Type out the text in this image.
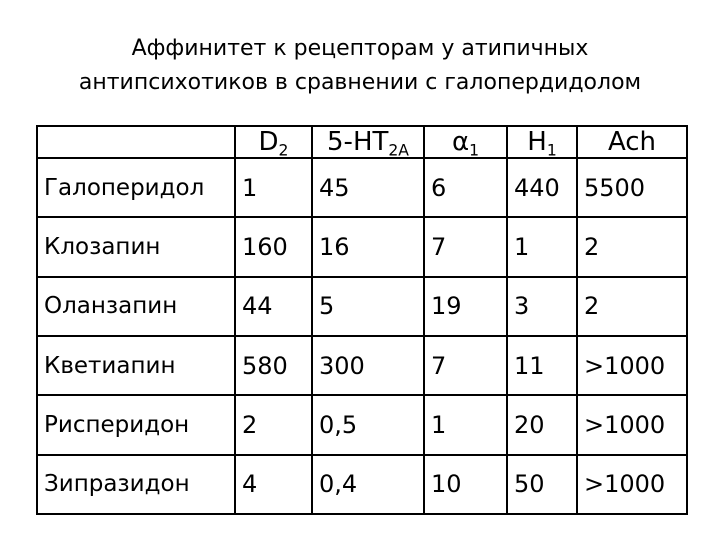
Аффинитет к рецепторам у атипичных
антипсихотиков в сравнении с галопердидолом
	$D_2$	$5-HT_{2A}$	$\alpha_1$	$H_1$	Ach
Галоперидол	1	45	6	440	5500
Клозапин	160	16	7	1	2
Оланзапин	44	5	19	3	2
Кветиапин	580	300	7	11	>1000
Рисперидон	2	0,5	1	20	>1000
Зипразидон	4	0,4	10	50	>1000
